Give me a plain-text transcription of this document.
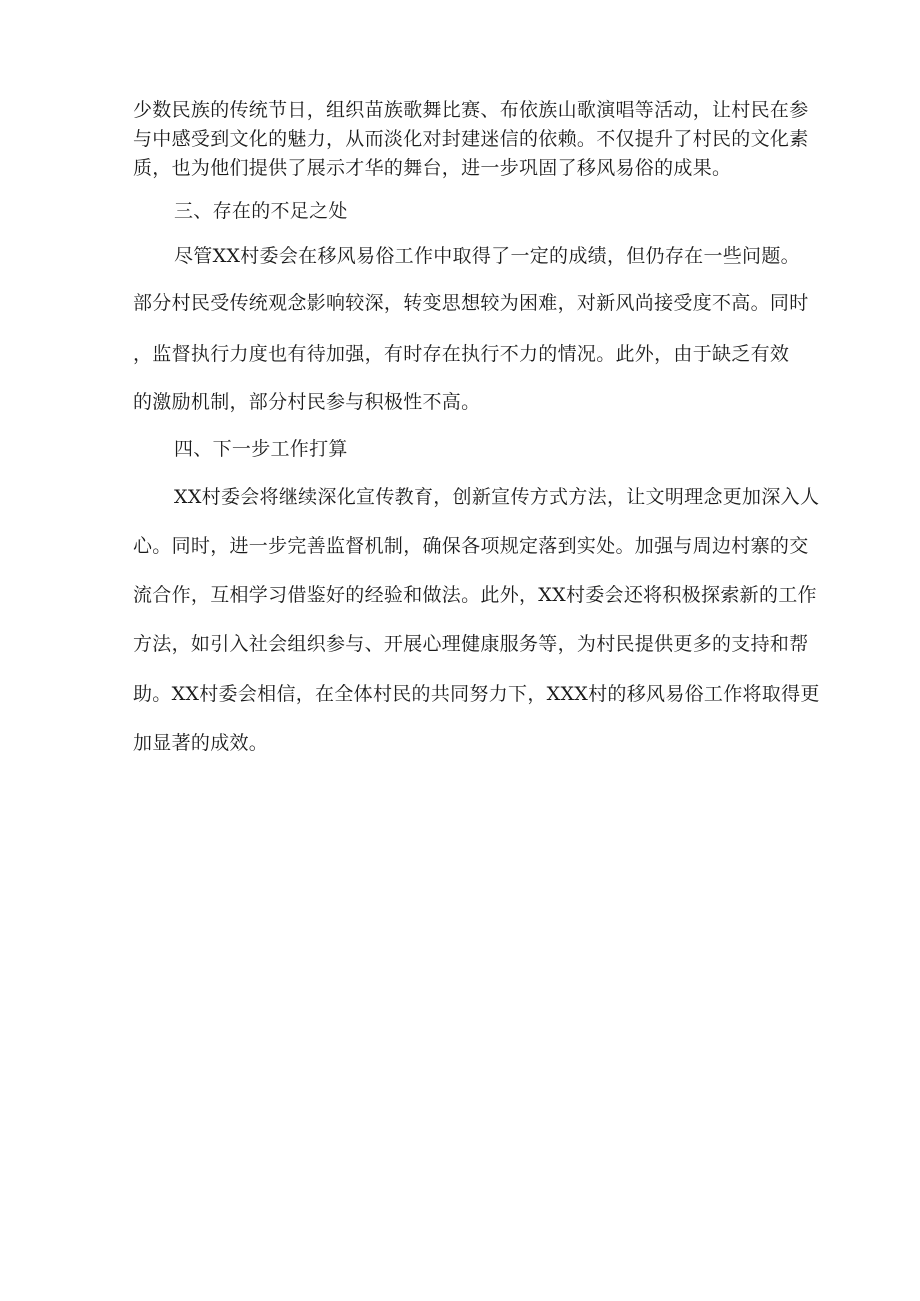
少数民族的传统节日，组织苗族歌舞比赛、布依族山歌演唱等活动，让村民在参

与中感受到文化的魅力，从而淡化对封建迷信的依赖。不仅提升了村民的文化素

质，也为他们提供了展示才华的舞台，进一步巩固了移风易俗的成果。

三、存在的不足之处

尽管XX村委会在移风易俗工作中取得了一定的成绩，但仍存在一些问题。

部分村民受传统观念影响较深，转变思想较为困难，对新风尚接受度不高。同时

，监督执行力度也有待加强，有时存在执行不力的情况。此外，由于缺乏有效

的激励机制，部分村民参与积极性不高。

四、下一步工作打算

XX村委会将继续深化宣传教育，创新宣传方式方法，让文明理念更加深入人

心。同时，进一步完善监督机制，确保各项规定落到实处。加强与周边村寨的交

流合作，互相学习借鉴好的经验和做法。此外，XX村委会还将积极探索新的工作

方法，如引入社会组织参与、开展心理健康服务等，为村民提供更多的支持和帮

助。XX村委会相信，在全体村民的共同努力下，XXX村的移风易俗工作将取得更

加显著的成效。
